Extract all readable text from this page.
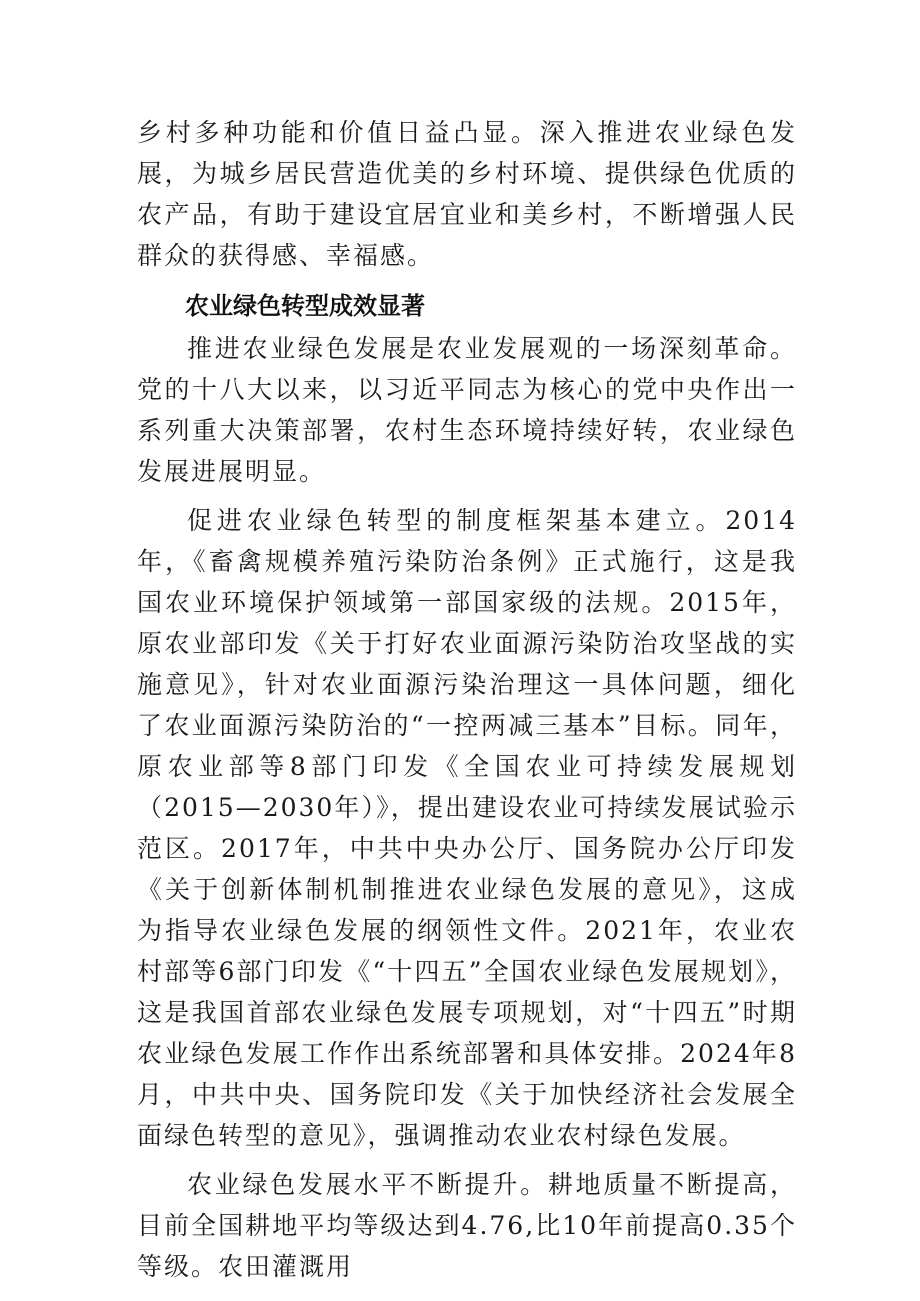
乡村多种功能和价值日益凸显。深入推进农业绿色发展，为城乡居民营造优美的乡村环境、提供绿色优质的农产品，有助于建设宜居宜业和美乡村，不断增强人民群众的获得感、幸福感。

农业绿色转型成效显著

推进农业绿色发展是农业发展观的一场深刻革命。党的十八大以来，以习近平同志为核心的党中央作出一系列重大决策部署，农村生态环境持续好转，农业绿色发展进展明显。

促进农业绿色转型的制度框架基本建立。2014年，《畜禽规模养殖污染防治条例》正式施行，这是我国农业环境保护领域第一部国家级的法规。2015年，原农业部印发《关于打好农业面源污染防治攻坚战的实施意见》，针对农业面源污染治理这一具体问题，细化了农业面源污染防治的“一控两减三基本”目标。同年，原农业部等8部门印发《全国农业可持续发展规划（2015—2030年）》，提出建设农业可持续发展试验示范区。2017年，中共中央办公厅、国务院办公厅印发《关于创新体制机制推进农业绿色发展的意见》，这成为指导农业绿色发展的纲领性文件。2021年，农业农村部等6部门印发《“十四五”全国农业绿色发展规划》，这是我国首部农业绿色发展专项规划，对“十四五”时期农业绿色发展工作作出系统部署和具体安排。2024年8月，中共中央、国务院印发《关于加快经济社会发展全面绿色转型的意见》，强调推动农业农村绿色发展。

农业绿色发展水平不断提升。耕地质量不断提高，目前全国耕地平均等级达到4.76,比10年前提高0.35个等级。农田灌溉用
